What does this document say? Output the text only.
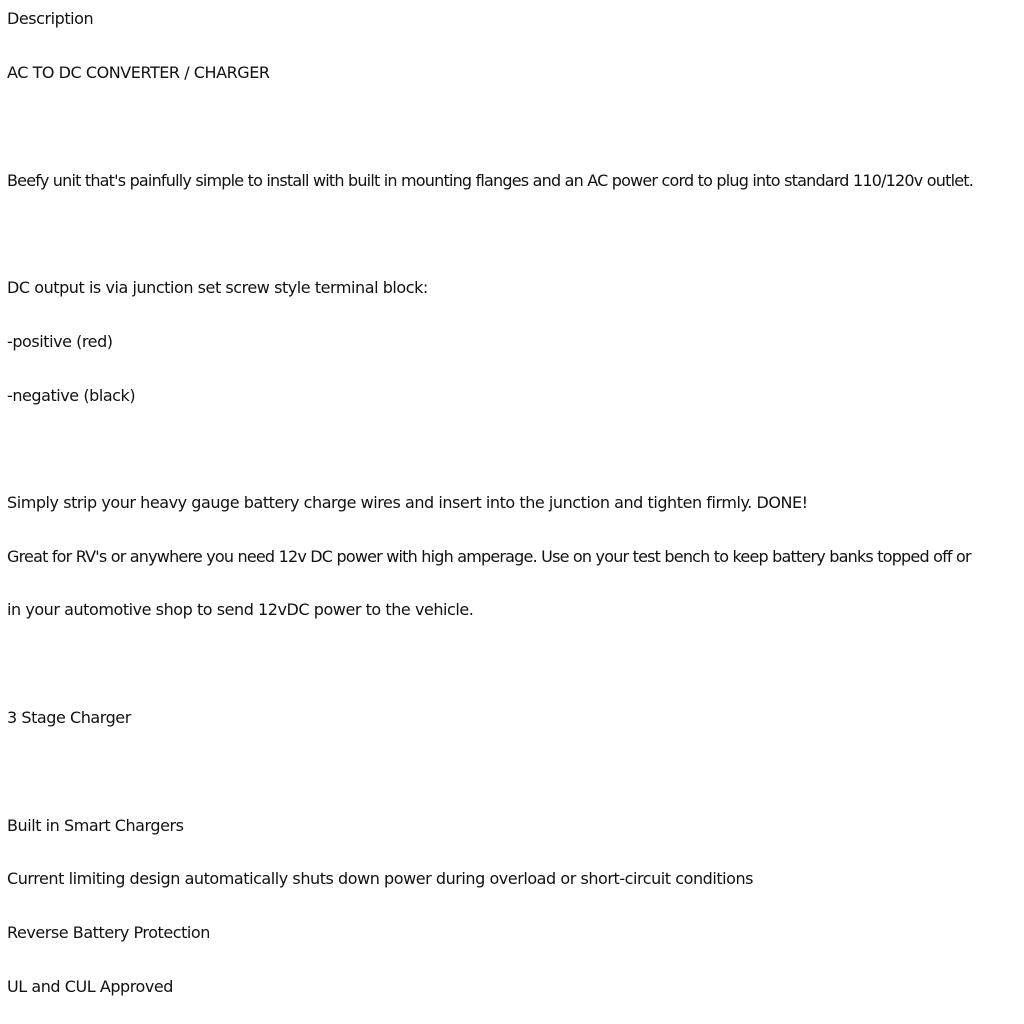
Description
AC TO DC CONVERTER / CHARGER
Beefy unit that's painfully simple to install with built in mounting flanges and an AC power cord to plug into standard 110/120v outlet.
DC output is via junction set screw style terminal block:
-positive (red)
-negative (black)
Simply strip your heavy gauge battery charge wires and insert into the junction and tighten firmly. DONE!
Great for RV's or anywhere you need 12v DC power with high amperage. Use on your test bench to keep battery banks topped off or
in your automotive shop to send 12vDC power to the vehicle.
3 Stage Charger
Built in Smart Chargers
Current limiting design automatically shuts down power during overload or short-circuit conditions
Reverse Battery Protection
UL and CUL Approved
